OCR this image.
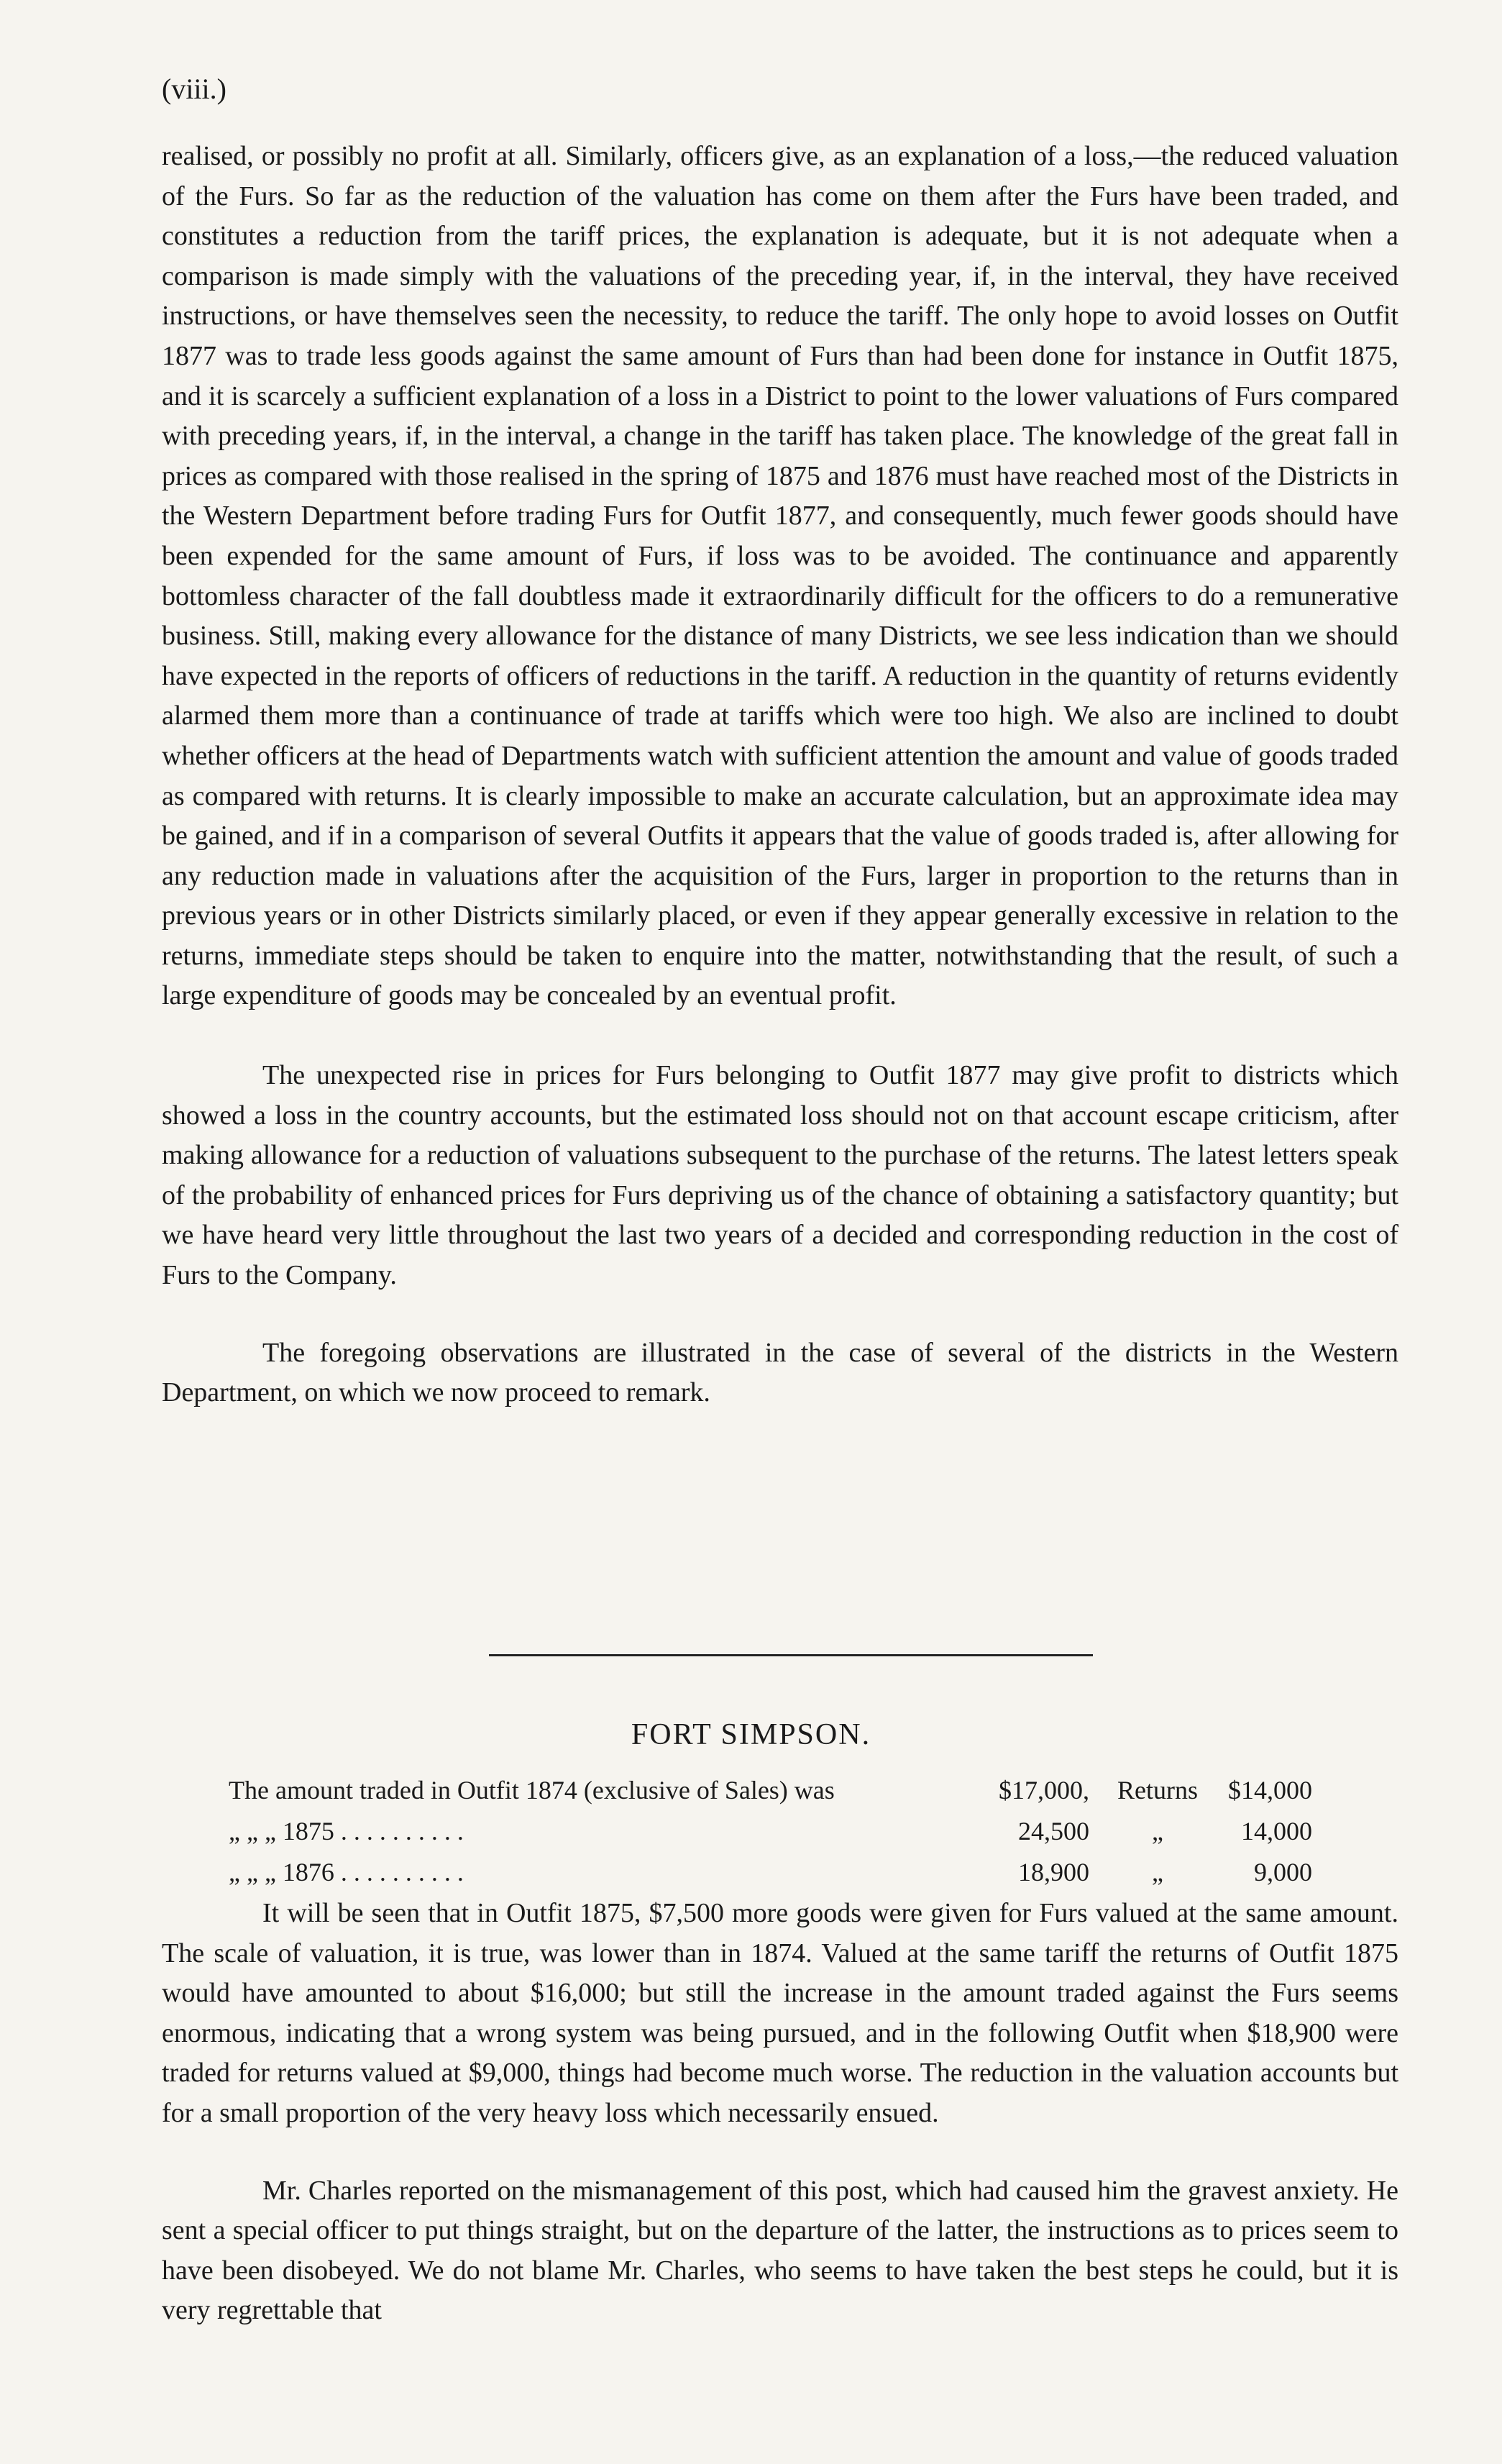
(viii.)

realised, or possibly no profit at all. Similarly, officers give, as an explanation of a loss,—the reduced valuation of the Furs. So far as the reduction of the valuation has come on them after the Furs have been traded, and constitutes a reduction from the tariff prices, the explanation is adequate, but it is not adequate when a comparison is made simply with the valuations of the preceding year, if, in the interval, they have received instructions, or have themselves seen the necessity, to reduce the tariff. The only hope to avoid losses on Outfit 1877 was to trade less goods against the same amount of Furs than had been done for instance in Outfit 1875, and it is scarcely a sufficient explanation of a loss in a District to point to the lower valuations of Furs compared with preceding years, if, in the interval, a change in the tariff has taken place. The knowledge of the great fall in prices as compared with those realised in the spring of 1875 and 1876 must have reached most of the Districts in the Western Department before trading Furs for Outfit 1877, and consequently, much fewer goods should have been expended for the same amount of Furs, if loss was to be avoided. The continuance and apparently bottomless character of the fall doubtless made it extraordinarily difficult for the officers to do a remunerative business. Still, making every allowance for the distance of many Districts, we see less indication than we should have expected in the reports of officers of reductions in the tariff. A reduction in the quantity of returns evidently alarmed them more than a continuance of trade at tariffs which were too high. We also are inclined to doubt whether officers at the head of Departments watch with sufficient attention the amount and value of goods traded as compared with returns. It is clearly impossible to make an accurate calculation, but an approximate idea may be gained, and if in a comparison of several Outfits it appears that the value of goods traded is, after allowing for any reduction made in valuations after the acquisition of the Furs, larger in proportion to the returns than in previous years or in other Districts similarly placed, or even if they appear generally excessive in relation to the returns, immediate steps should be taken to enquire into the matter, notwithstanding that the result, of such a large expenditure of goods may be concealed by an eventual profit.

The unexpected rise in prices for Furs belonging to Outfit 1877 may give profit to districts which showed a loss in the country accounts, but the estimated loss should not on that account escape criticism, after making allowance for a reduction of valuations subsequent to the purchase of the returns. The latest letters speak of the probability of enhanced prices for Furs depriving us of the chance of obtaining a satisfactory quantity; but we have heard very little throughout the last two years of a decided and corresponding reduction in the cost of Furs to the Company.

The foregoing observations are illustrated in the case of several of the districts in the Western Department, on which we now proceed to remark.

FORT SIMPSON.
The amount traded in Outfit 1874 (exclusive of Sales) was	$17,000,	Returns	$14,000
„ „ „ 1875 . . . . . . . . . .	24,500	„	14,000
„ „ „ 1876 . . . . . . . . . .	18,900	„	9,000

It will be seen that in Outfit 1875, $7,500 more goods were given for Furs valued at the same amount. The scale of valuation, it is true, was lower than in 1874. Valued at the same tariff the returns of Outfit 1875 would have amounted to about $16,000; but still the increase in the amount traded against the Furs seems enormous, indicating that a wrong system was being pursued, and in the following Outfit when $18,900 were traded for returns valued at $9,000, things had become much worse. The reduction in the valuation accounts but for a small proportion of the very heavy loss which necessarily ensued.

Mr. Charles reported on the mismanagement of this post, which had caused him the gravest anxiety. He sent a special officer to put things straight, but on the departure of the latter, the instructions as to prices seem to have been disobeyed. We do not blame Mr. Charles, who seems to have taken the best steps he could, but it is very regrettable that
